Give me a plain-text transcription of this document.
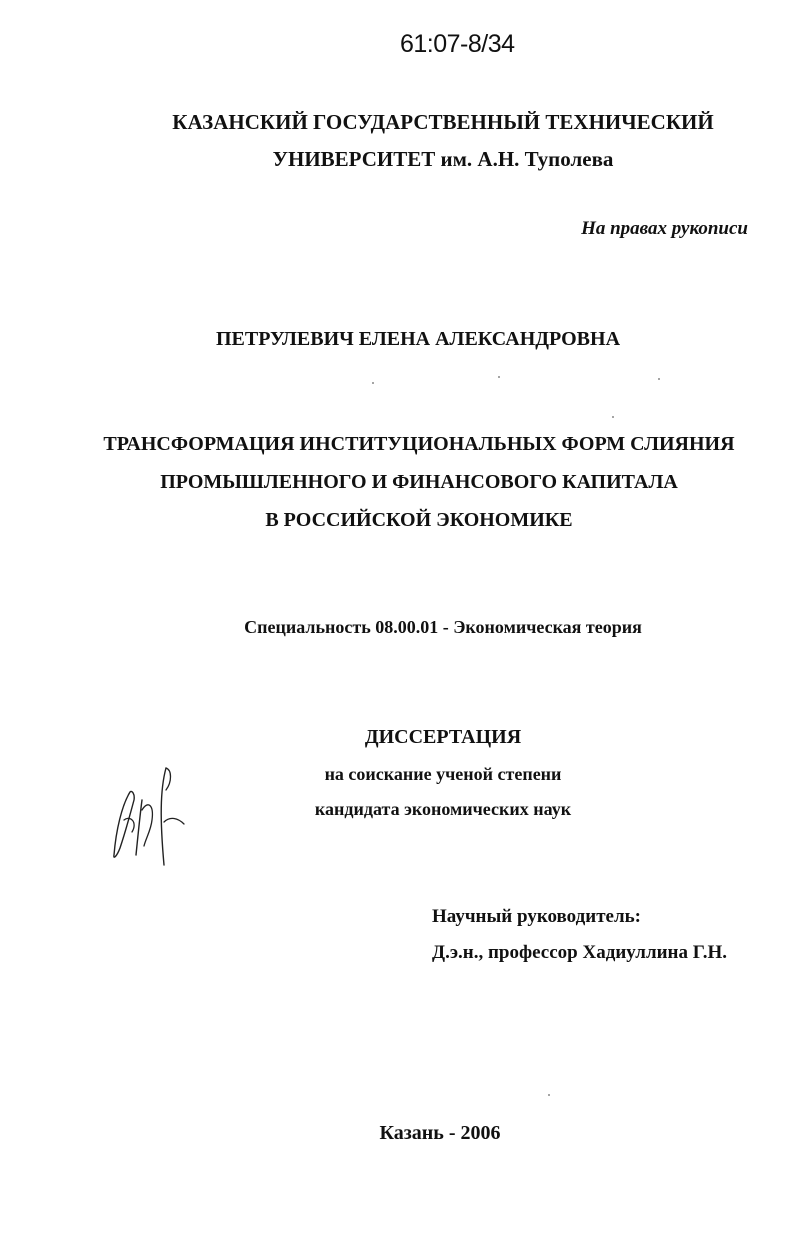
61:07-8/34
КАЗАНСКИЙ ГОСУДАРСТВЕННЫЙ ТЕХНИЧЕСКИЙ
УНИВЕРСИТЕТ им. А.Н. Туполева
На правах рукописи
ПЕТРУЛЕВИЧ ЕЛЕНА АЛЕКСАНДРОВНА
ТРАНСФОРМАЦИЯ ИНСТИТУЦИОНАЛЬНЫХ ФОРМ СЛИЯНИЯ
ПРОМЫШЛЕННОГО И ФИНАНСОВОГО КАПИТАЛА
В РОССИЙСКОЙ ЭКОНОМИКЕ
Специальность 08.00.01 - Экономическая теория
ДИССЕРТАЦИЯ
на соискание ученой степени
кандидата экономических наук
Научный руководитель:
Д.э.н., профессор Хадиуллина Г.Н.
Казань - 2006
